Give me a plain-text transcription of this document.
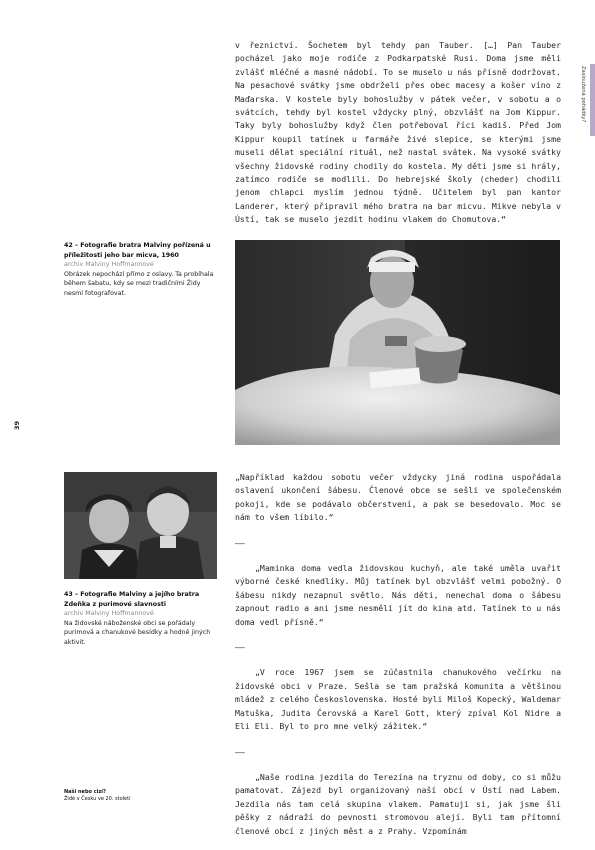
Zasloužená pohádky?
39

v řeznictví. Šochetem byl tehdy pan Tauber. […] Pan Tauber pocházel jako moje rodiče z Podkarpatské Rusi. Doma jsme měli zvlášť mléčné a masné nádobí. To se muselo u nás přísně dodržovat. Na pesachové svátky jsme obdrželi přes obec macesy a košer víno z Maďarska. V kostele byly bohoslužby v pátek večer, v sobotu a o svátcích, tehdy byl kostel vždycky plný, obzvlášť na Jom Kippur. Taky byly bohoslužby když člen potřeboval říci kadiš. Před Jom Kippur koupil tatínek u farmáře živé slepice, se kterými jsme museli dělat speciální rituál, než nastal svátek. Na vysoké svátky všechny židovské rodiny chodily do kostela. My děti jsme si hrály, zatímco rodiče se modlili. Do hebrejské školy (cheder) chodili jenom chlapci myslím jednou týdně. Učitelem byl pan kantor Landerer, který připravil mého bratra na bar micvu. Mikve nebyla v Ústí, tak se muselo jezdit hodinu vlakem do Chomutova.“

42 – Fotografie bratra Malviny pořízená u příležitosti jeho bar micva, 1960
archiv Malviny Hoffmannové
Obrázek nepochází přímo z oslavy. Ta probíhala během šabatu, kdy se mezi tradičními Židy nesmí fotografovat.
43 – Fotografie Malviny a jejího bratra Zdeňka z purimové slavnosti
archiv Malviny Hoffmannové
Na židovské náboženské obci se pořádaly purimová a chanukové besídky a hodně jiných aktivit.

„Například každou sobotu večer vždycky jiná rodina uspořádala oslavení ukončení šábesu. Členové obce se sešli ve společenském pokoji, kde se podávalo občerstvení, a pak se besedovalo. Moc se nám to všem líbilo.“

—–

„Maminka doma vedla židovskou kuchyň, ale také uměla uvařit výborné české knedlíky. Můj tatínek byl obzvlášť velmi pobožný. O šábesu nikdy nezapnul světlo. Nás děti, nenechal doma o šábesu zapnout radio a ani jsme nesměli jít do kina atd. Tatínek to u nás doma vedl přísně.“

—–

„V roce 1967 jsem se zúčastnila chanukového večírku na židovské obci v Praze. Sešla se tam pražská komunita a většinou mládež z celého Československa. Hosté byli Miloš Kopecký, Waldemar Matuška, Judita Čerovská a Karel Gott, který zpíval Kol Nidre a Eli Eli. Byl to pro mne velký zážitek.“

—–

„Naše rodina jezdila do Terezína na tryznu od doby, co si můžu pamatovat. Zájezd byl organizovaný naší obcí v Ústí nad Labem. Jezdila nás tam celá skupina vlakem. Pamatuji si, jak jsme šli pěšky z nádraží do pevnosti stromovou alejí. Byli tam přítomní členové obcí z jiných měst a z Prahy. Vzpomínám

Naši nebo cizí?
Židé v Česku ve 20. století
